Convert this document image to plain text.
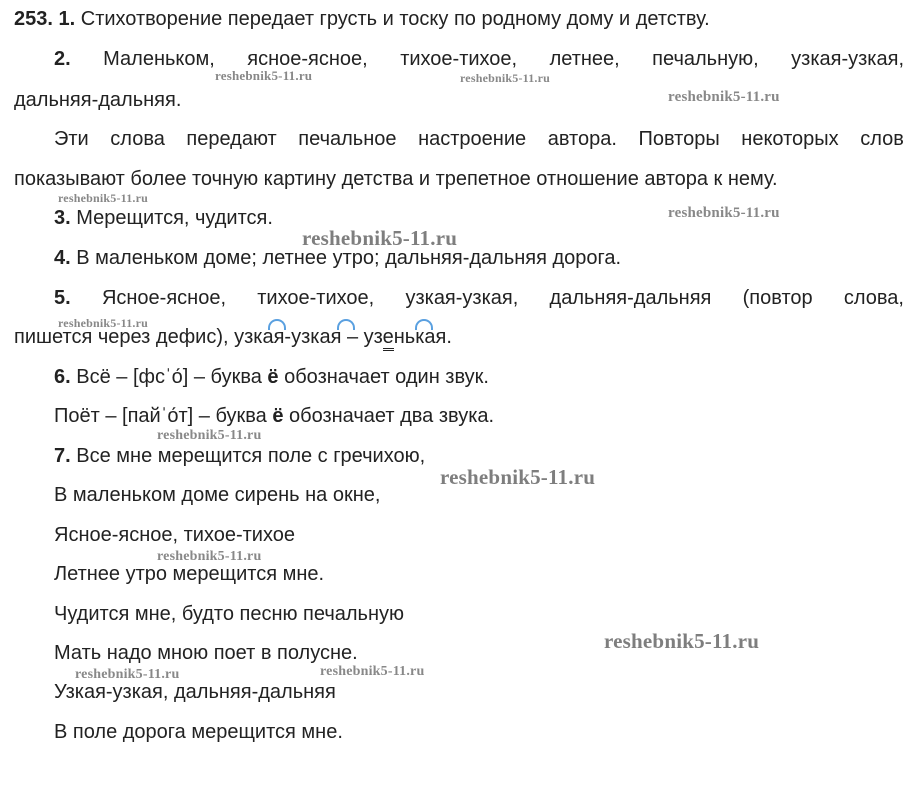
253. 1. Стихотворение передает грусть и тоску по родному дому и детству.
2. Маленьком, ясное-ясное, тихое-тихое, летнее, печальную, узкая-узкая,
дальняя-дальняя.
Эти слова передают печальное настроение автора. Повторы некоторых слов
показывают более точную картину детства и трепетное отношение автора к нему.
3. Мерещится, чудится.
4. В маленьком доме; летнее утро; дальняя-дальняя дорога.
5. Ясное-ясное, тихое-тихое, узкая-узкая, дальняя-дальняя (повтор слова,
пишется через дефис), узкая-узкая – узенькая.
6. Всё – [фсˈо́] – буква ё обозначает один звук.
Поёт – [пайˈо́т] – буква ё обозначает два звука.
7. Все мне мерещится поле с гречихою,
В маленьком доме сирень на окне,
Ясное-ясное, тихое-тихое
Летнее утро мерещится мне.
Чудится мне, будто песню печальную
Мать надо мною поет в полусне.
Узкая-узкая, дальняя-дальняя
В поле дорога мерещится мне.
reshebnik5-11.ru	reshebnik5-11.ru
reshebnik5-11.ru
reshebnik5-11.ru
reshebnik5-11.ru
reshebnik5-11.ru
reshebnik5-11.ru
reshebnik5-11.ru
reshebnik5-11.ru
reshebnik5-11.ru
reshebnik5-11.ru
reshebnik5-11.ru	reshebnik5-11.ru
